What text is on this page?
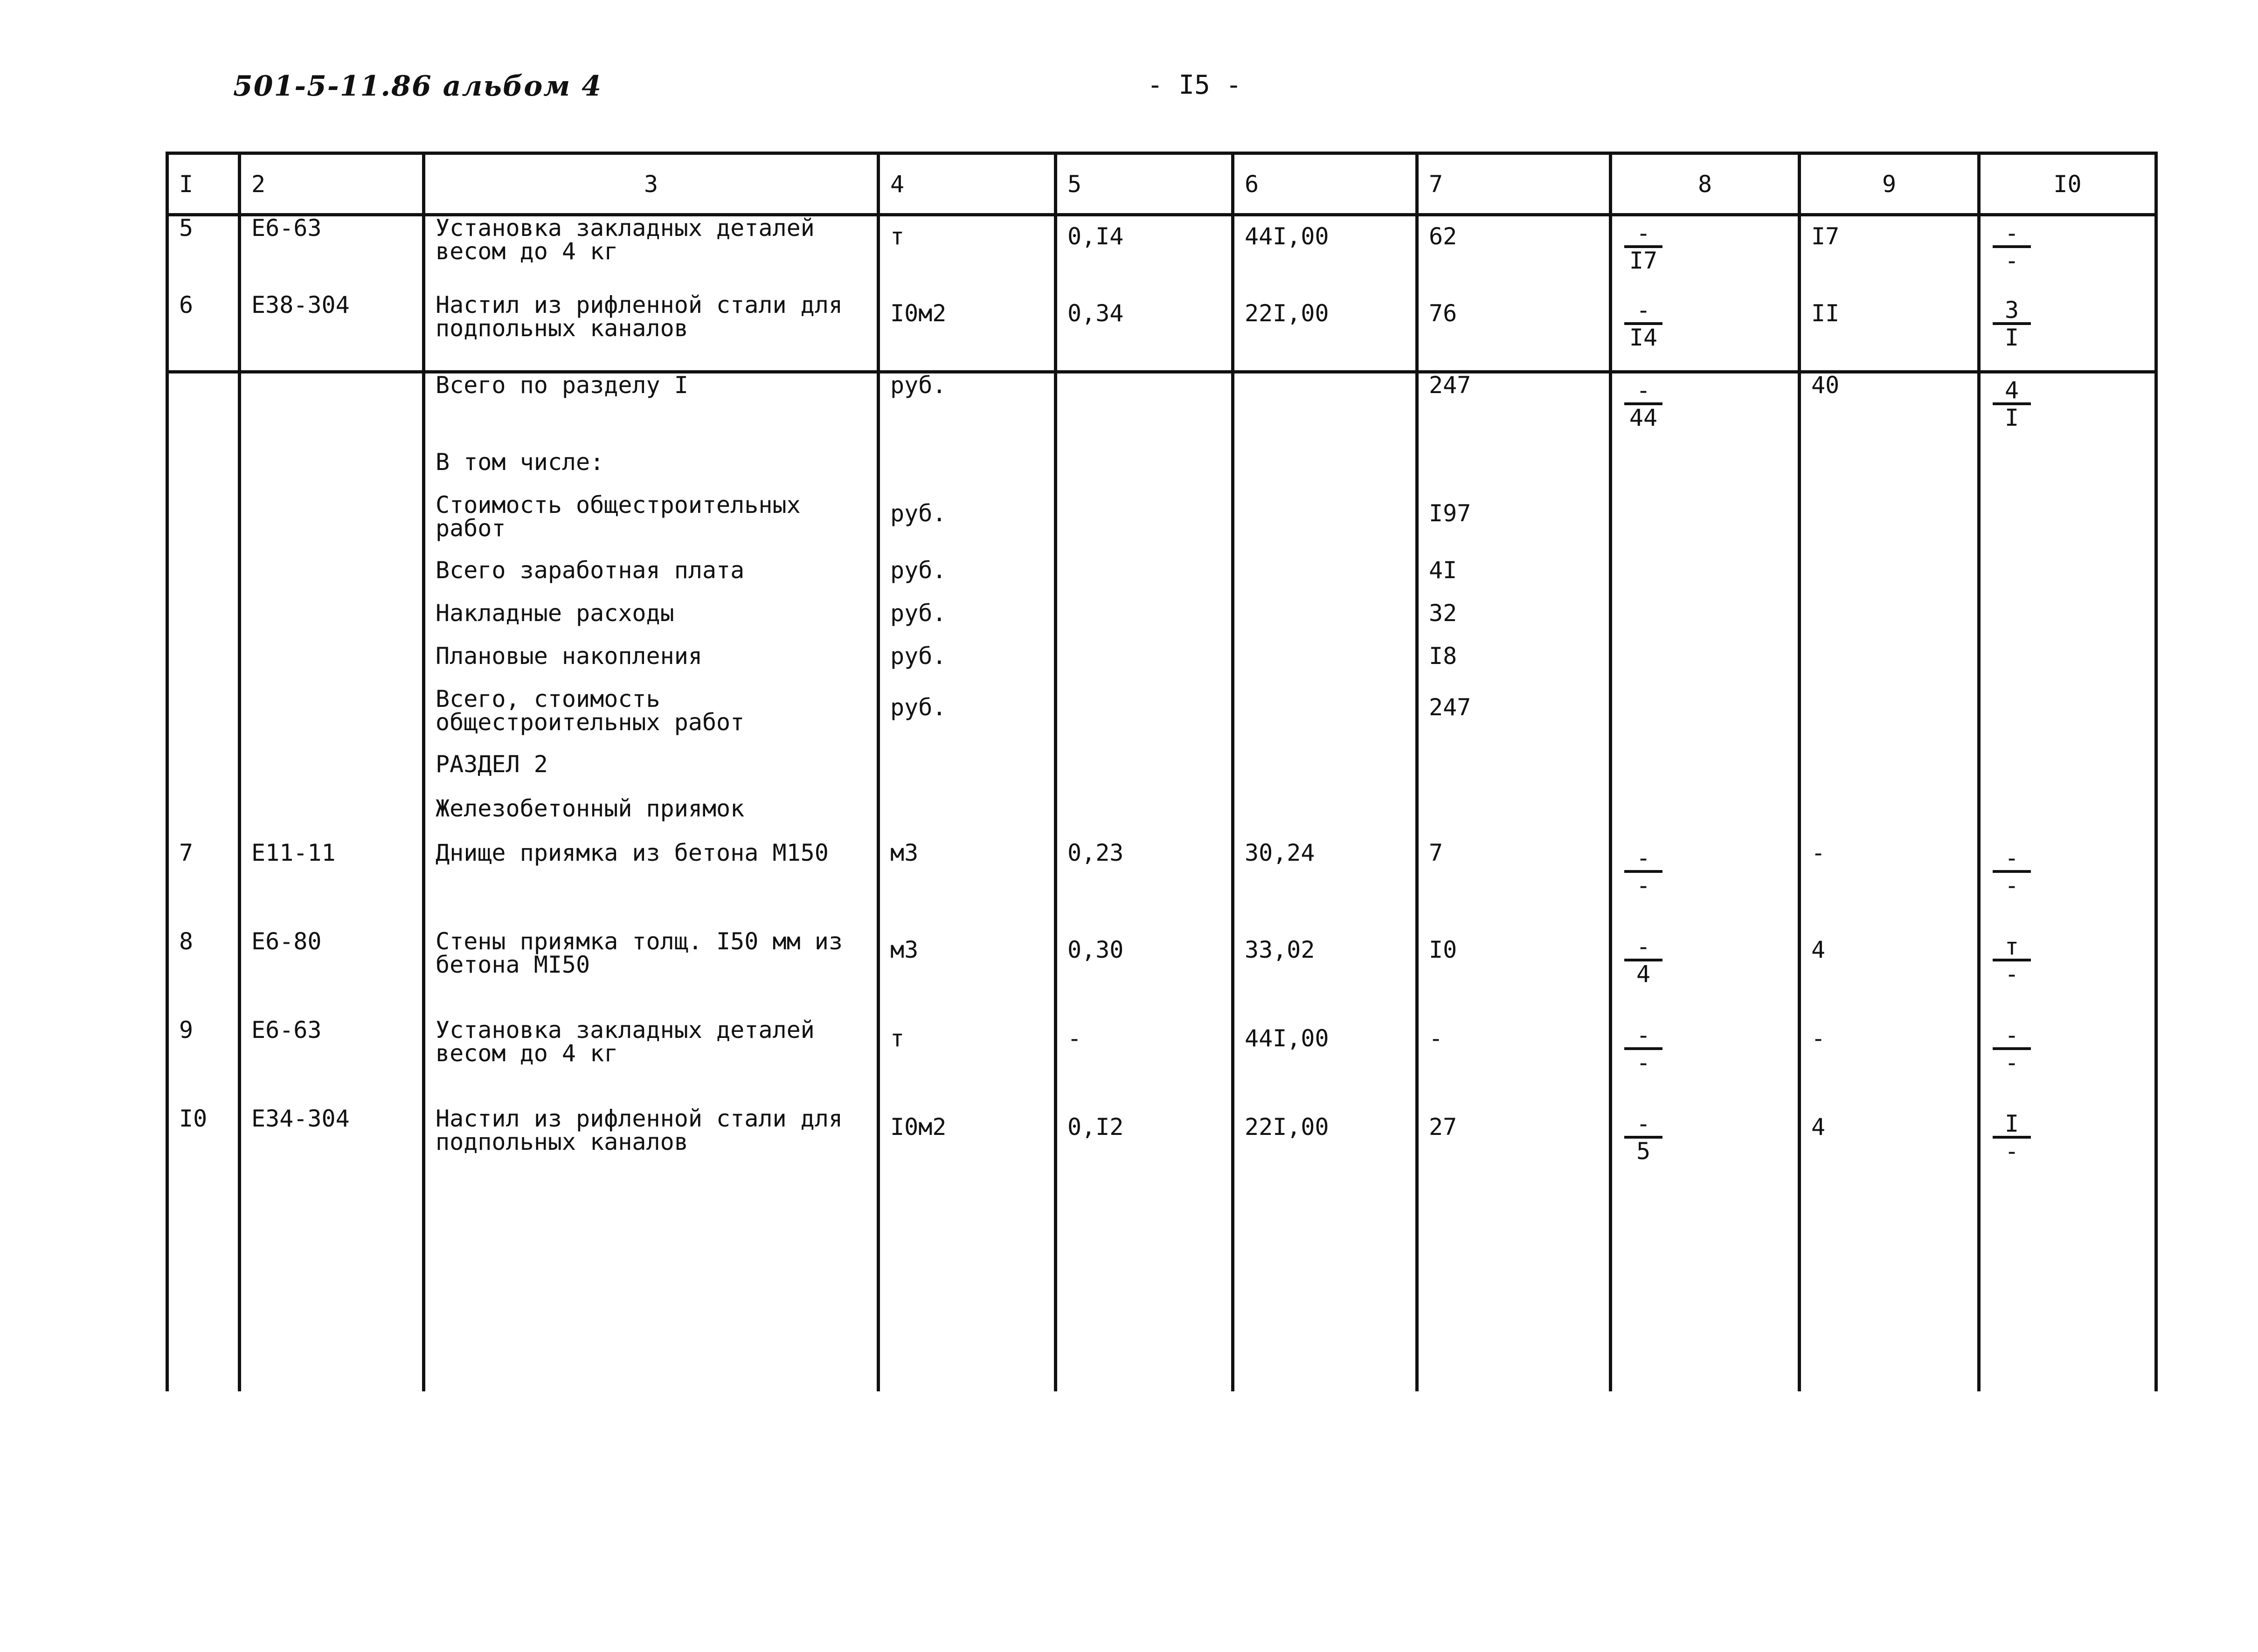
501-5-11.86 альбом 4	- I5 -
I	2	3	4	5	6	7	8	9	I0
5	Е6-63	Установка закладных деталей весом до 4 кг	т	0,I4	44I,00	62	$\frac{-}{I7}$	I7	$\frac{-}{-}$

6	Е38-304	Настил из рифленной стали для подпольных каналов	I0м2	0,34	22I,00	76	$\frac{-}{I4}$	II	$\frac{3}{I}$

		Всего по разделу I	руб.			247	$\frac{-}{44}$	40	$\frac{4}{I}$

		В том числе:							
		Стоимость общестроительных работ	руб.			I97			
		Всего заработная плата	руб.			4I			
		Накладные расходы	руб.			32			
		Плановые накопления	руб.			I8			
		Всего, стоимость общестроительных работ	руб.			247			
		РАЗДЕЛ 2							
		Железобетонный приямок							
7	Е11-11	Днище приямка из бетона М150	м3	0,23	30,24	7	$\frac{-}{-}$	-	$\frac{-}{-}$

8	Е6-80	Стены приямка толщ. I50 мм из бетона МI50	м3	0,30	33,02	I0	$\frac{-}{4}$	4	$\frac{т}{-}$

9	Е6-63	Установка закладных деталей весом до 4 кг	т	-	44I,00	-	$\frac{-}{-}$	-	$\frac{-}{-}$

I0	Е34-304	Настил из рифленной стали для подпольных каналов	I0м2	0,I2	22I,00	27	$\frac{-}{5}$	4	$\frac{I}{-}$
